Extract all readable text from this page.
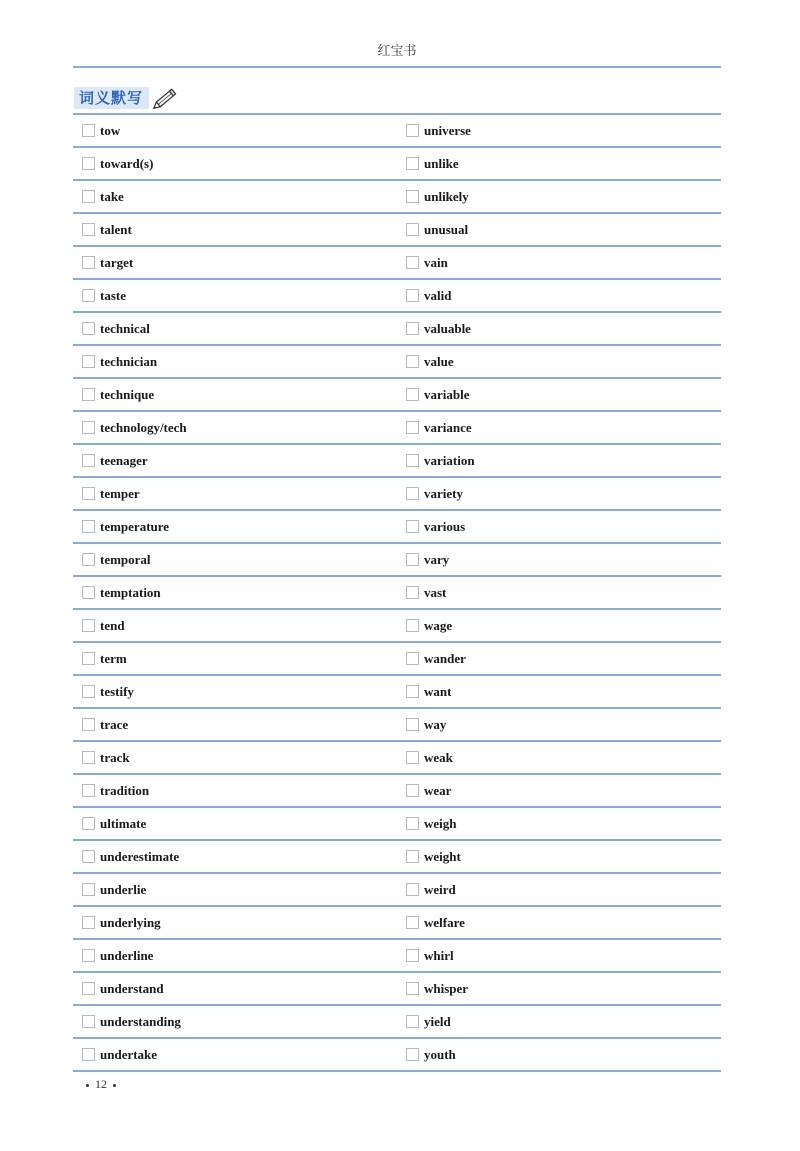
红宝书
词义默写
tow	universe
toward(s)	unlike
take	unlikely
talent	unusual
target	vain
taste	valid
technical	valuable
technician	value
technique	variable
technology/tech	variance
teenager	variation
temper	variety
temperature	various
temporal	vary
temptation	vast
tend	wage
term	wander
testify	want
trace	way
track	weak
tradition	wear
ultimate	weigh
underestimate	weight
underlie	weird
underlying	welfare
underline	whirl
understand	whisper
understanding	yield
undertake	youth
12
